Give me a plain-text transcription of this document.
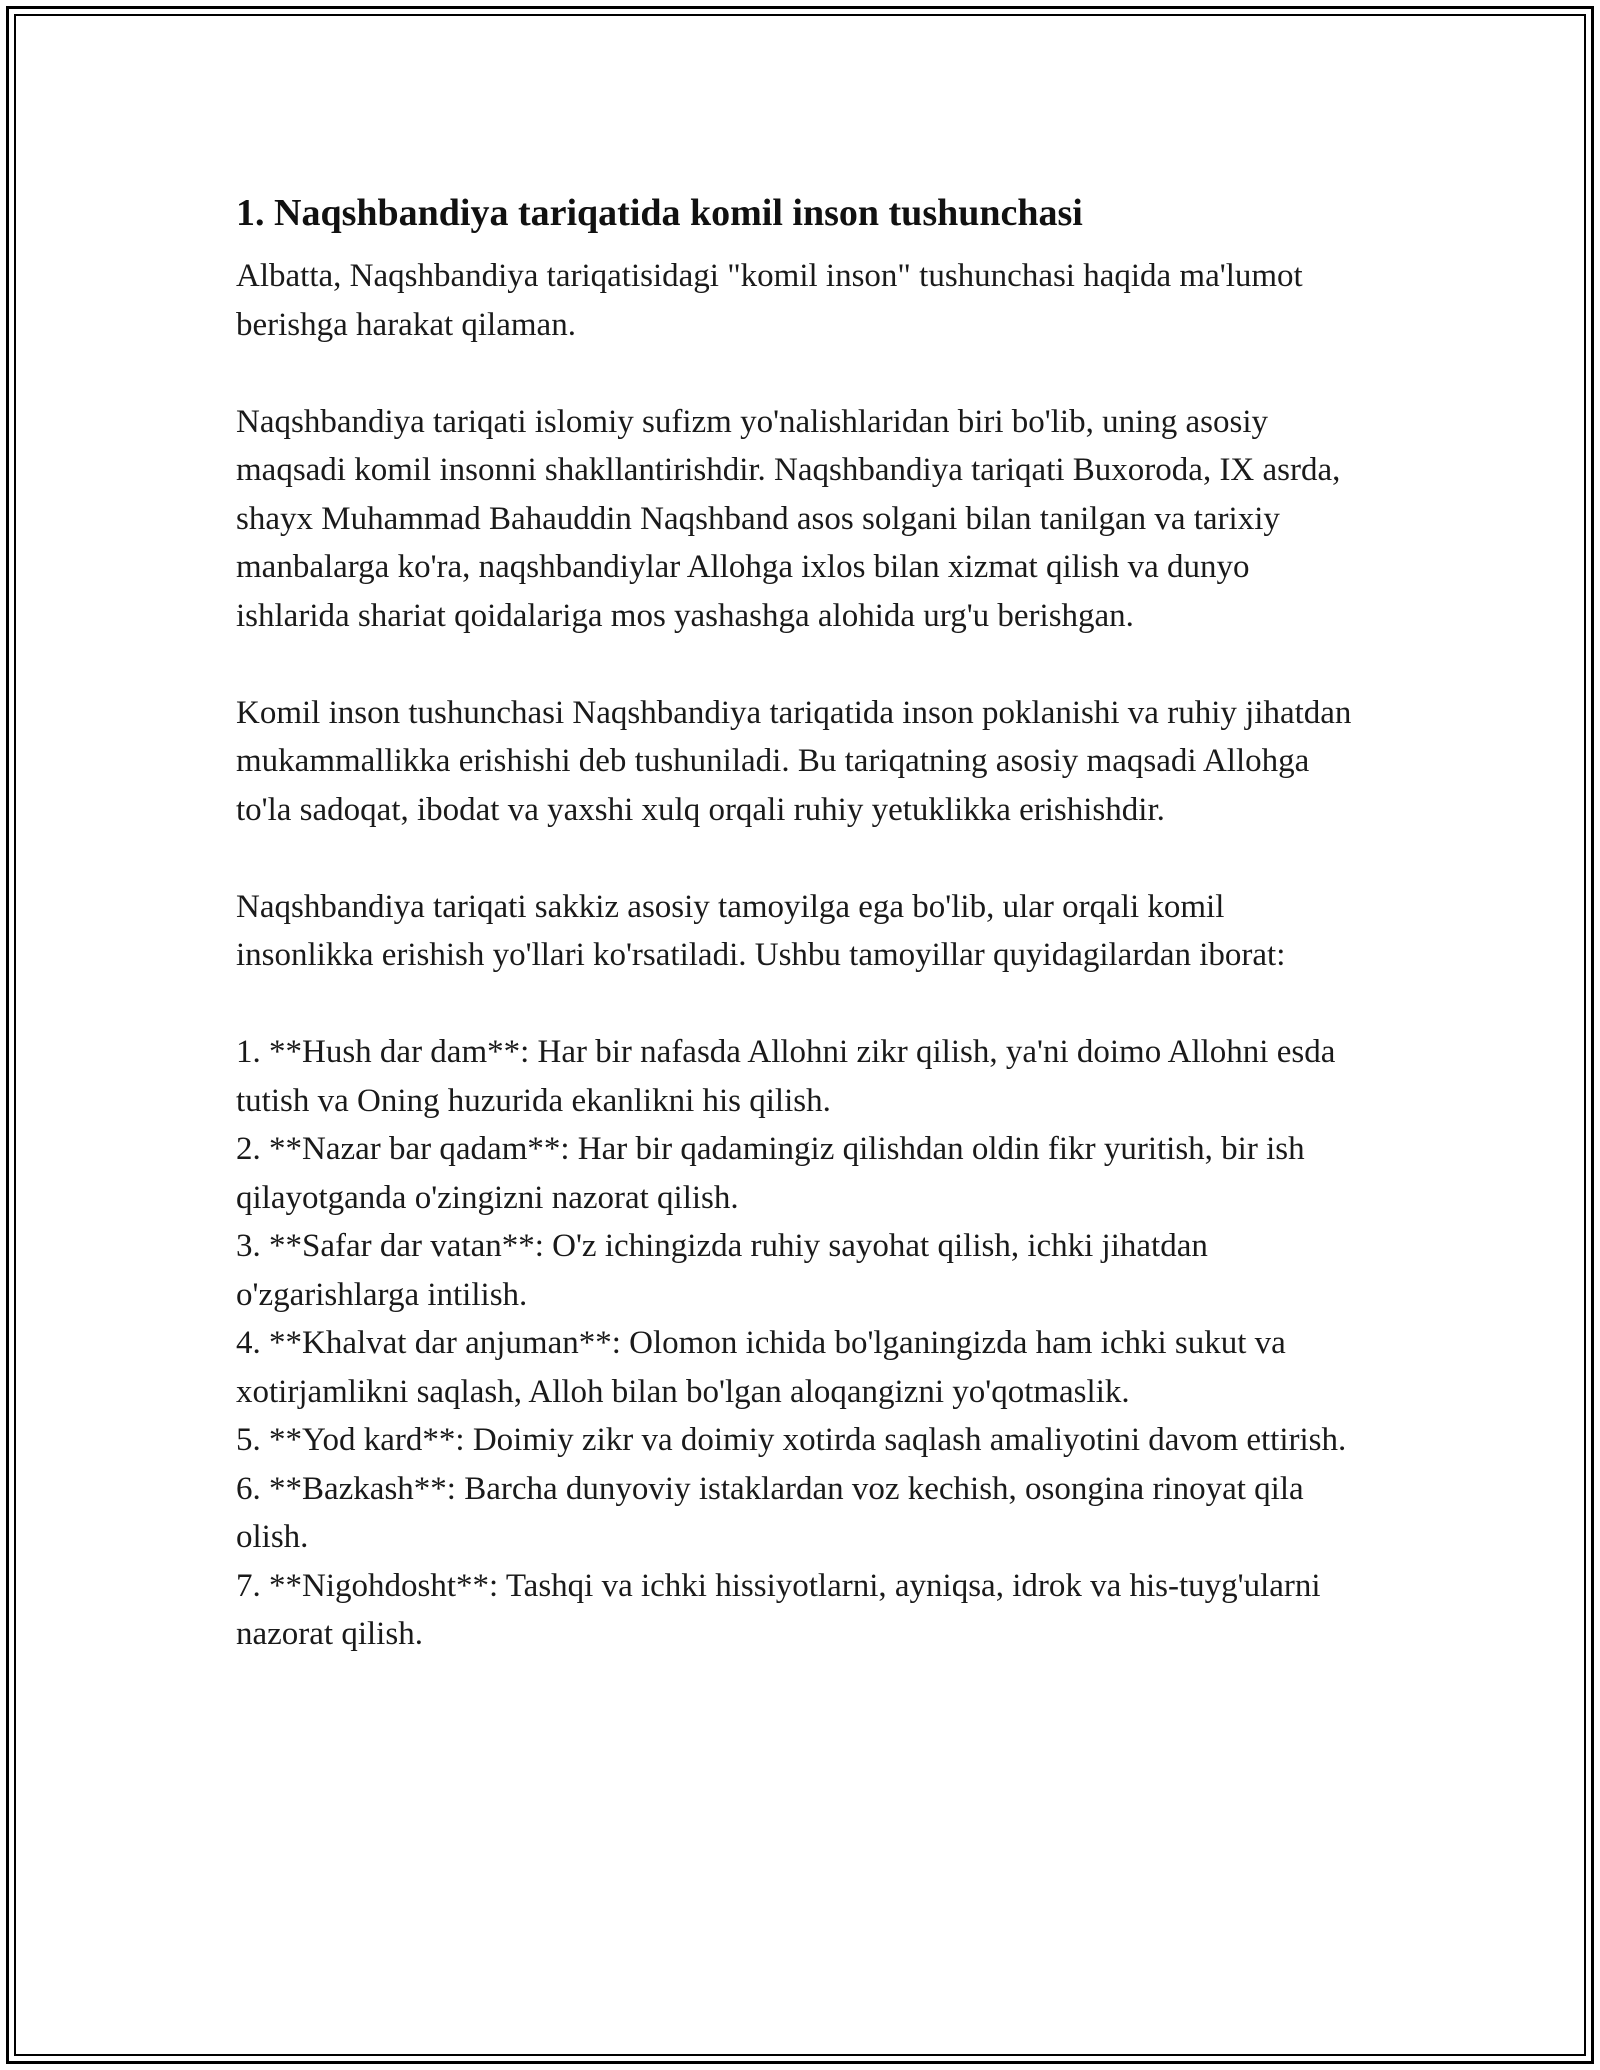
1. Naqshbandiya tariqatida komil inson tushunchasi

Albatta, Naqshbandiya tariqatisidagi "komil inson" tushunchasi haqida ma'lumot berishga harakat qilaman.

Naqshbandiya tariqati islomiy sufizm yo'nalishlaridan biri bo'lib, uning asosiy maqsadi komil insonni shakllantirishdir. Naqshbandiya tariqati Buxoroda, IX asrda, shayx Muhammad Bahauddin Naqshband asos solgani bilan tanilgan va tarixiy manbalarga ko'ra, naqshbandiylar Allohga ixlos bilan xizmat qilish va dunyo ishlarida shariat qoidalariga mos yashashga alohida urg'u berishgan.

Komil inson tushunchasi Naqshbandiya tariqatida inson poklanishi va ruhiy jihatdan mukammallikka erishishi deb tushuniladi. Bu tariqatning asosiy maqsadi Allohga to'la sadoqat, ibodat va yaxshi xulq orqali ruhiy yetuklikka erishishdir.

Naqshbandiya tariqati sakkiz asosiy tamoyilga ega bo'lib, ular orqali komil insonlikka erishish yo'llari ko'rsatiladi. Ushbu tamoyillar quyidagilardan iborat:

1. **Hush dar dam**: Har bir nafasda Allohni zikr qilish, ya'ni doimo Allohni esda tutish va Oning huzurida ekanlikni his qilish.
2. **Nazar bar qadam**: Har bir qadamingiz qilishdan oldin fikr yuritish, bir ish qilayotganda o'zingizni nazorat qilish.
3. **Safar dar vatan**: O'z ichingizda ruhiy sayohat qilish, ichki jihatdan o'zgarishlarga intilish.
4. **Khalvat dar anjuman**: Olomon ichida bo'lganingizda ham ichki sukut va xotirjamlikni saqlash, Alloh bilan bo'lgan aloqangizni yo'qotmaslik.
5. **Yod kard**: Doimiy zikr va doimiy xotirda saqlash amaliyotini davom ettirish.
6. **Bazkash**: Barcha dunyoviy istaklardan voz kechish, osongina rinoyat qila olish.
7. **Nigohdosht**: Tashqi va ichki hissiyotlarni, ayniqsa, idrok va his-tuyg'ularni nazorat qilish.
